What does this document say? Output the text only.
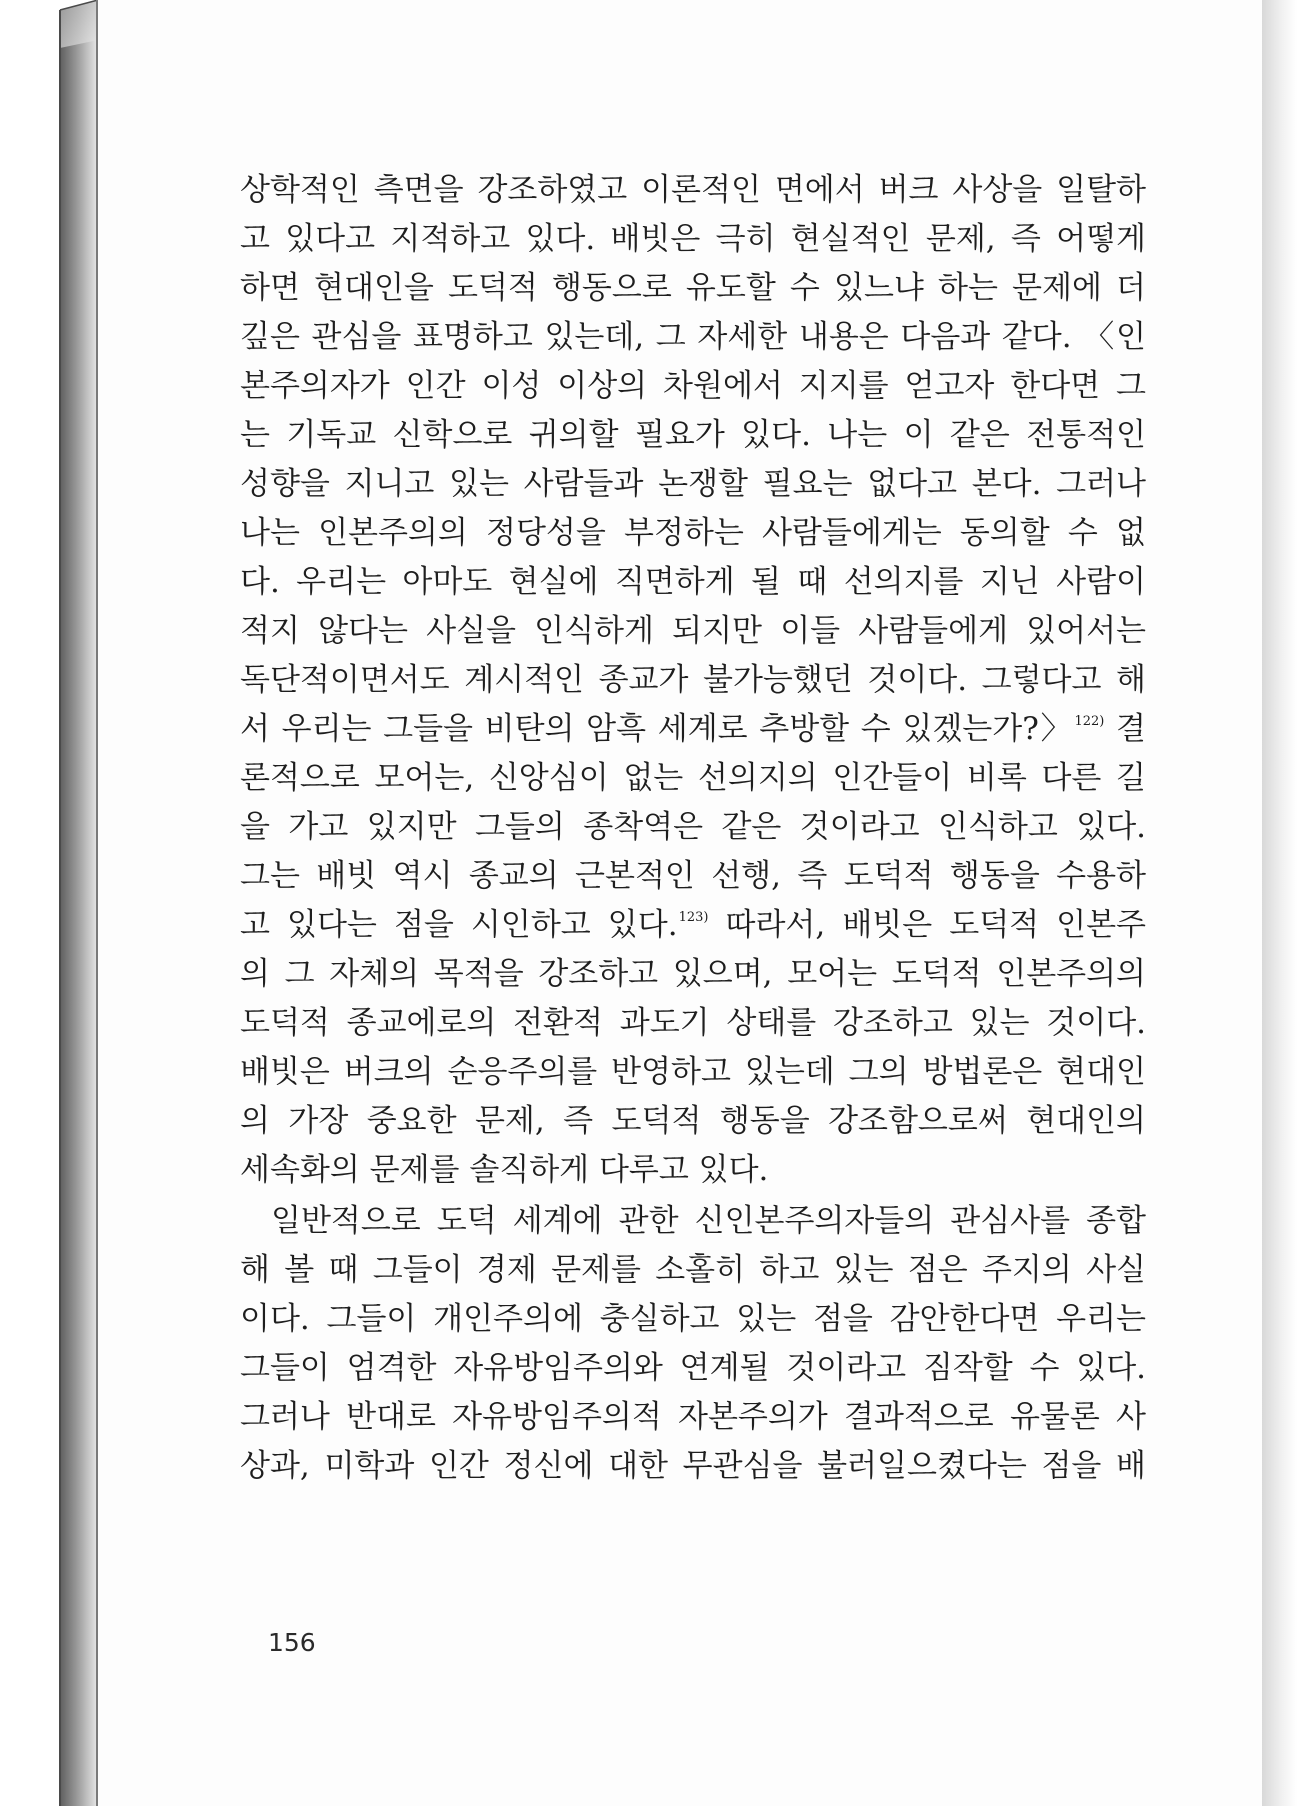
상학적인 측면을 강조하였고 이론적인 면에서 버크 사상을 일탈하
고 있다고 지적하고 있다. 배빗은 극히 현실적인 문제, 즉 어떻게
하면 현대인을 도덕적 행동으로 유도할 수 있느냐 하는 문제에 더
깊은 관심을 표명하고 있는데, 그 자세한 내용은 다음과 같다. 〈인
본주의자가 인간 이성 이상의 차원에서 지지를 얻고자 한다면 그
는 기독교 신학으로 귀의할 필요가 있다. 나는 이 같은 전통적인
성향을 지니고 있는 사람들과 논쟁할 필요는 없다고 본다. 그러나
나는 인본주의의 정당성을 부정하는 사람들에게는 동의할 수 없
다. 우리는 아마도 현실에 직면하게 될 때 선의지를 지닌 사람이
적지 않다는 사실을 인식하게 되지만 이들 사람들에게 있어서는
독단적이면서도 계시적인 종교가 불가능했던 것이다. 그렇다고 해
서 우리는 그들을 비탄의 암흑 세계로 추방할 수 있겠는가?〉$^{122)}$ 결
론적으로 모어는, 신앙심이 없는 선의지의 인간들이 비록 다른 길
을 가고 있지만 그들의 종착역은 같은 것이라고 인식하고 있다.
그는 배빗 역시 종교의 근본적인 선행, 즉 도덕적 행동을 수용하
고 있다는 점을 시인하고 있다.$^{123)}$ 따라서, 배빗은 도덕적 인본주
의 그 자체의 목적을 강조하고 있으며, 모어는 도덕적 인본주의의
도덕적 종교에로의 전환적 과도기 상태를 강조하고 있는 것이다.
배빗은 버크의 순응주의를 반영하고 있는데 그의 방법론은 현대인
의 가장 중요한 문제, 즉 도덕적 행동을 강조함으로써 현대인의
세속화의 문제를 솔직하게 다루고 있다.
일반적으로 도덕 세계에 관한 신인본주의자들의 관심사를 종합
해 볼 때 그들이 경제 문제를 소홀히 하고 있는 점은 주지의 사실
이다. 그들이 개인주의에 충실하고 있는 점을 감안한다면 우리는
그들이 엄격한 자유방임주의와 연계될 것이라고 짐작할 수 있다.
그러나 반대로 자유방임주의적 자본주의가 결과적으로 유물론 사
상과, 미학과 인간 정신에 대한 무관심을 불러일으켰다는 점을 배
156
